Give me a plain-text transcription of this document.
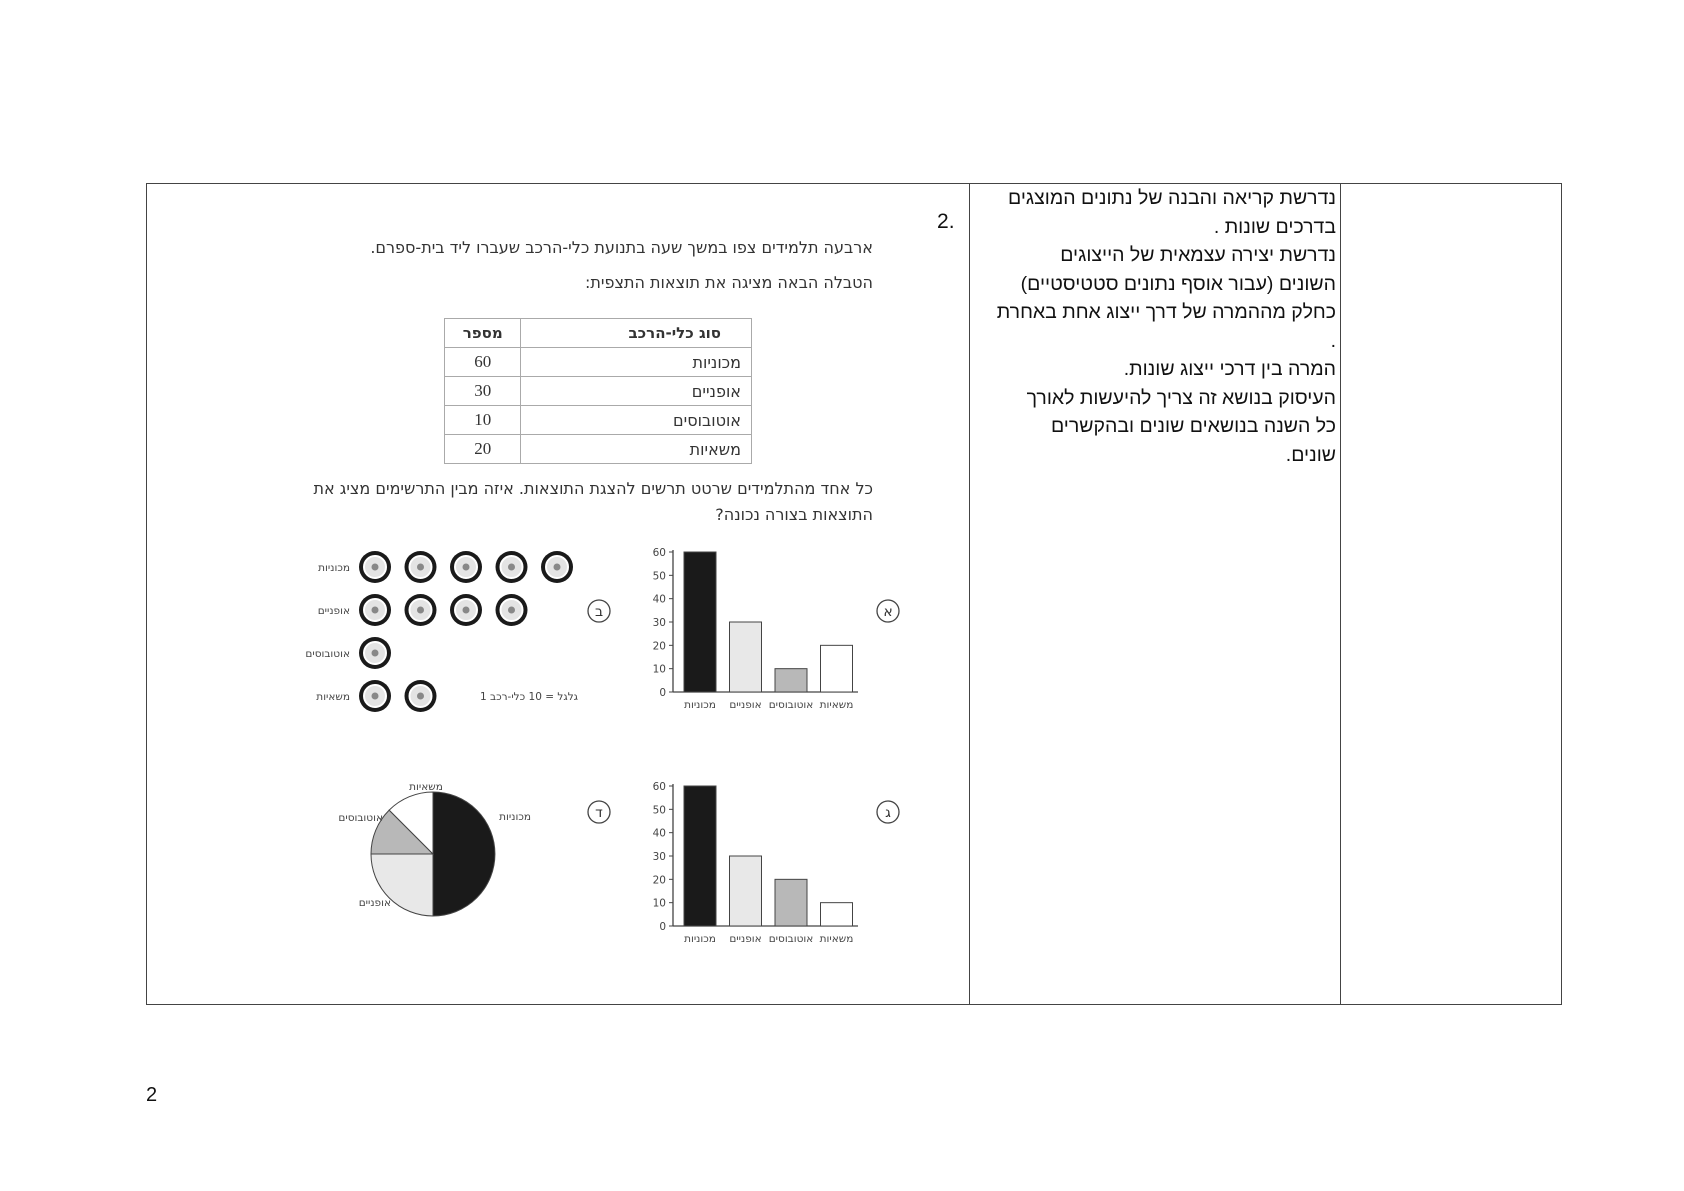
נדרשת קריאה והבנה של נתונים המוצגים
בדרכים שונות .
נדרשת יצירה עצמאית של הייצוגים
השונים (עבור אוסף נתונים סטטיסטיים)
כחלק מההמרה של דרך ייצוג אחת באחרת
.
המרה בין דרכי ייצוג שונות.
העיסוק בנושא זה צריך להיעשות לאורך
כל השנה בנושאים שונים ובהקשרים
שונים.
.2
ארבעה תלמידים צפו במשך שעה בתנועת כלי-הרכב שעברו ליד בית-ספרם.
הטבלה הבאה מציגה את תוצאות התצפית:
סוג כלי-הרכב	מספר
מכוניות	60
אופניים	30
אוטובוסים	10
משאיות	20
כל אחד מהתלמידים שרטט תרשים להצגת התוצאות. איזה מבין התרשימים מציג את
התוצאות בצורה נכונה?
0
10
20
30
40
50
60
מכוניות אופניים אוטובוסים משאיות
א
מכוניות
אופניים
אוטובוסים
משאיות	1 גלגל = 10 כלי-רכב
ב
0
10
20
30
40
50
60
מכוניות אופניים אוטובוסים משאיות
ג
מכוניות
אופניים
אוטובוסים
משאיות
ד
2
